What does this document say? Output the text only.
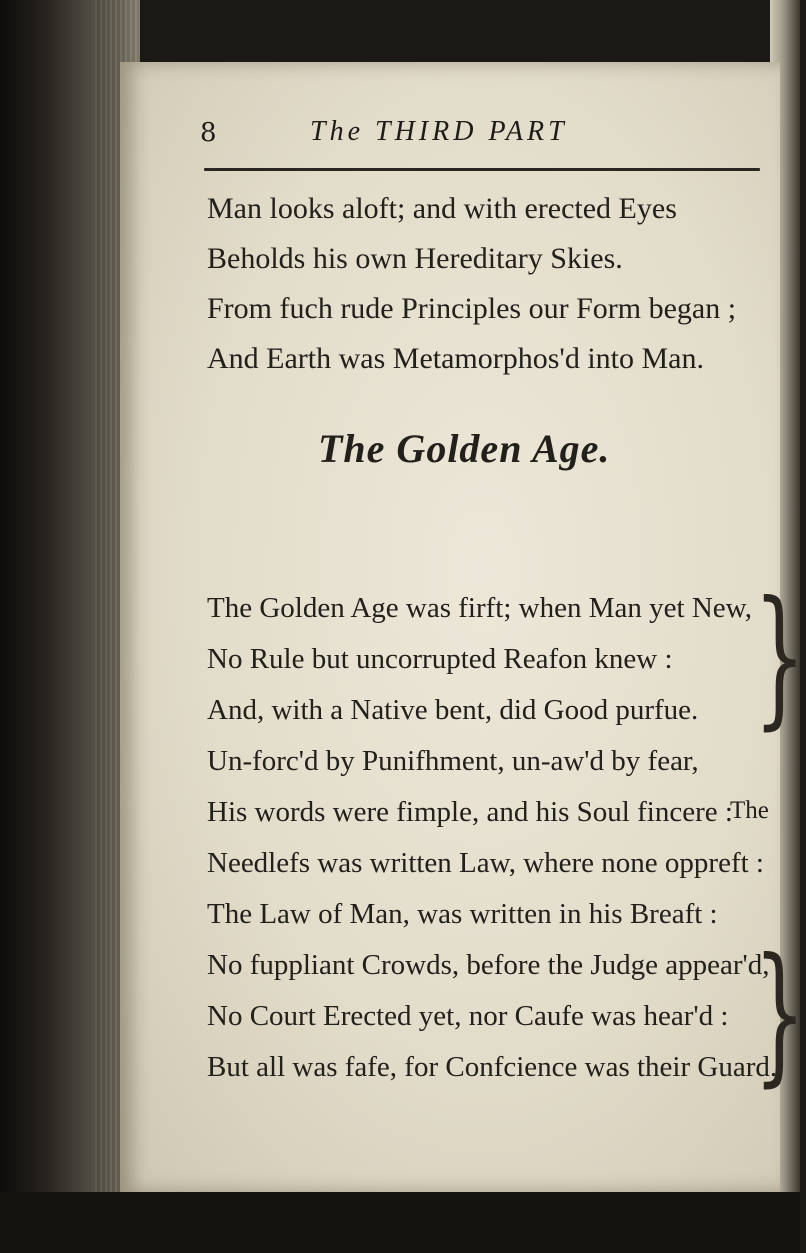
8	The THIRD PART
Man looks aloft; and with erected Eyes
Beholds his own Hereditary Skies.
From fuch rude Principles our Form began ;
And Earth was Metamorphos'd into Man.
The Golden Age.
The Golden Age was firft; when Man yet New,
No Rule but uncorrupted Reafon knew :
And, with a Native bent, did Good purfue.
Un-forc'd by Punifhment, un-aw'd by fear,
His words were fimple, and his Soul fincere :
Needlefs was written Law, where none oppreft :
The Law of Man, was written in his Breaft :
No fuppliant Crowds, before the Judge appear'd,
No Court Erected yet, nor Caufe was hear'd :
But all was fafe, for Confcience was their Guard.
}
}
The
